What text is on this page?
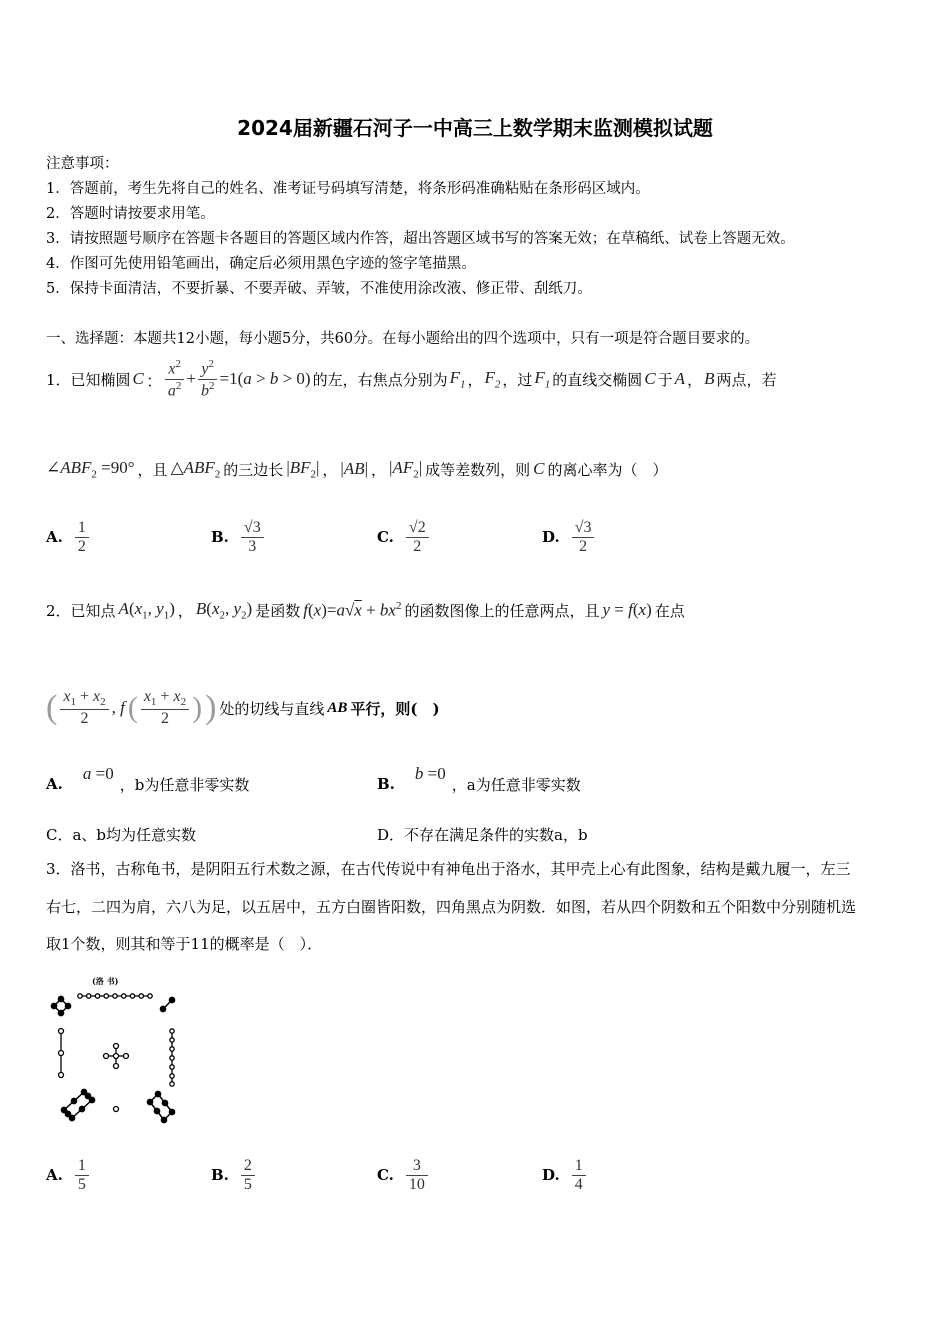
2024届新疆石河子一中高三上数学期末监测模拟试题
注意事项：
1．答题前，考生先将自己的姓名、准考证号码填写清楚，将条形码准确粘贴在条形码区域内。
2．答题时请按要求用笔。
3．请按照题号顺序在答题卡各题目的答题区域内作答，超出答题区域书写的答案无效；在草稿纸、试卷上答题无效。
4．作图可先使用铅笔画出，确定后必须用黑色字迹的签字笔描黑。
5．保持卡面清洁，不要折暴、不要弄破、弄皱，不准使用涂改液、修正带、刮纸刀。
一、选择题：本题共12小题，每小题5分，共60分。在每小题给出的四个选项中，只有一项是符合题目要求的。
1．已知椭圆 C ： $\frac{x^2}{a^2} + \frac{y^2}{b^2} =1(a > b > 0)$ 的左，右焦点分别为 $F_1$ ， $F_2$ ，过 $F_1$ 的直线交椭圆 C 于 A ， B 两点，若
$\angle ABF_2 =90^\circ$ ，且 $\triangle ABF_2$ 的三边长 $|BF_2|$ ， |AB| ， $|AF_2|$ 成等差数列，则 C 的离心率为（　）
A. $\frac{1}{2}$	B. $\frac{√3}{3}$	C. $\frac{√2}{2}$	D. $\frac{√3}{2}$
2．已知点 $A(x_1$, $y_1$) ， $B(x_2$, $y_2$) 是函数 $f(x)=a√x + bx^2$ 的函数图像上的任意两点，且 y = f(x) 在点
( $\frac{x_1 + x_2}{2}$ , f ( $\frac{x_1 + x_2}{2}$ ) ) 处的切线与直线 AB 平行，则(　)
A.
a =0
，b为任意非零实数	B.
b =0
，a为任意非零实数
C．a、b均为任意实数	D．不存在满足条件的实数a，b
3．洛书，古称龟书，是阴阳五行术数之源，在古代传说中有神龟出于洛水，其甲壳上心有此图象，结构是戴九履一，左三
右七，二四为肩，六八为足，以五居中，五方白圈皆阳数，四角黑点为阴数．如图，若从四个阴数和五个阳数中分别随机选
取1个数，则其和等于11的概率是（　）．
(洛 书)
A. $\frac{1}{5}$	B. $\frac{2}{5}$	C. $\frac{3}{10}$	D. $\frac{1}{4}$
